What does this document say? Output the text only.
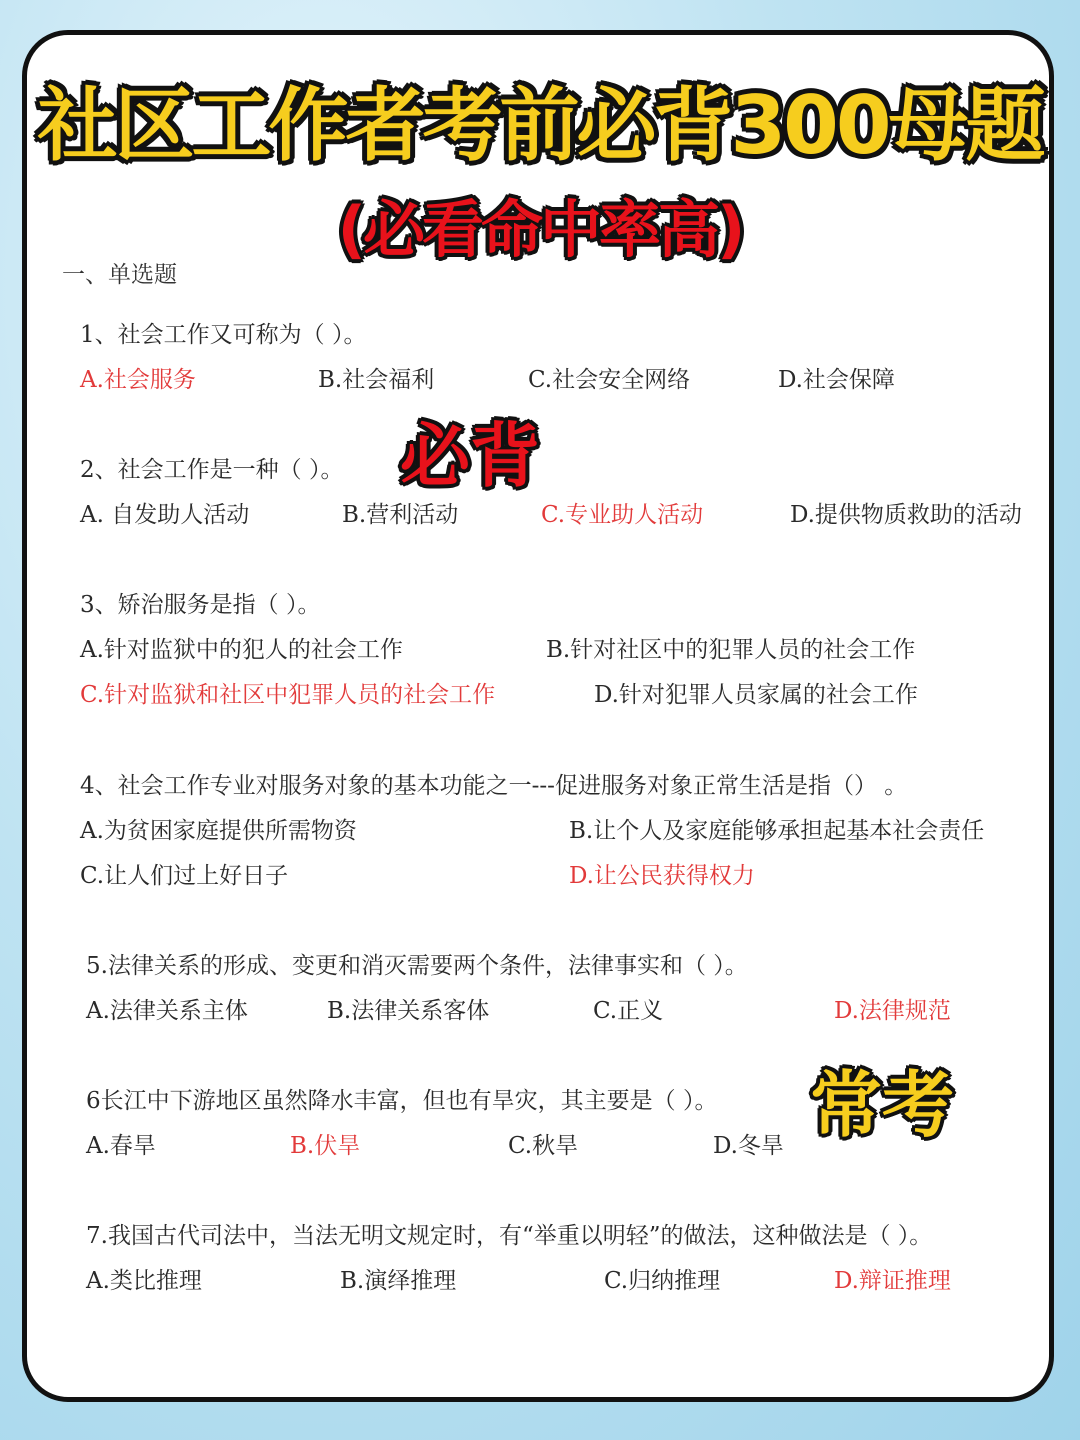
社区工作者考前必背300母题
(必看命中率高)
一、单选题
1、社会工作又可称为（ ）。
A.社会服务	B.社会福利	C.社会安全网络	D.社会保障
2、社会工作是一种（ ）。
A. 自发助人活动	B.营利活动	C.专业助人活动	D.提供物质救助的活动
3、矫治服务是指（ ）。
A.针对监狱中的犯人的社会工作	B.针对社区中的犯罪人员的社会工作
C.针对监狱和社区中犯罪人员的社会工作	D.针对犯罪人员家属的社会工作
4、社会工作专业对服务对象的基本功能之一---促进服务对象正常生活是指（） 。
A.为贫困家庭提供所需物资	B.让个人及家庭能够承担起基本社会责任
C.让人们过上好日子	D.让公民获得权力
5.法律关系的形成、变更和消灭需要两个条件，法律事实和（ ）。
A.法律关系主体	B.法律关系客体	C.正义	D.法律规范
6长江中下游地区虽然降水丰富，但也有旱灾，其主要是（ ）。
A.春旱	B.伏旱	C.秋旱	D.冬旱
7.我国古代司法中，当法无明文规定时，有“举重以明轻”的做法，这种做法是（ ）。
A.类比推理	B.演绎推理	C.归纳推理	D.辩证推理
必背
常考
